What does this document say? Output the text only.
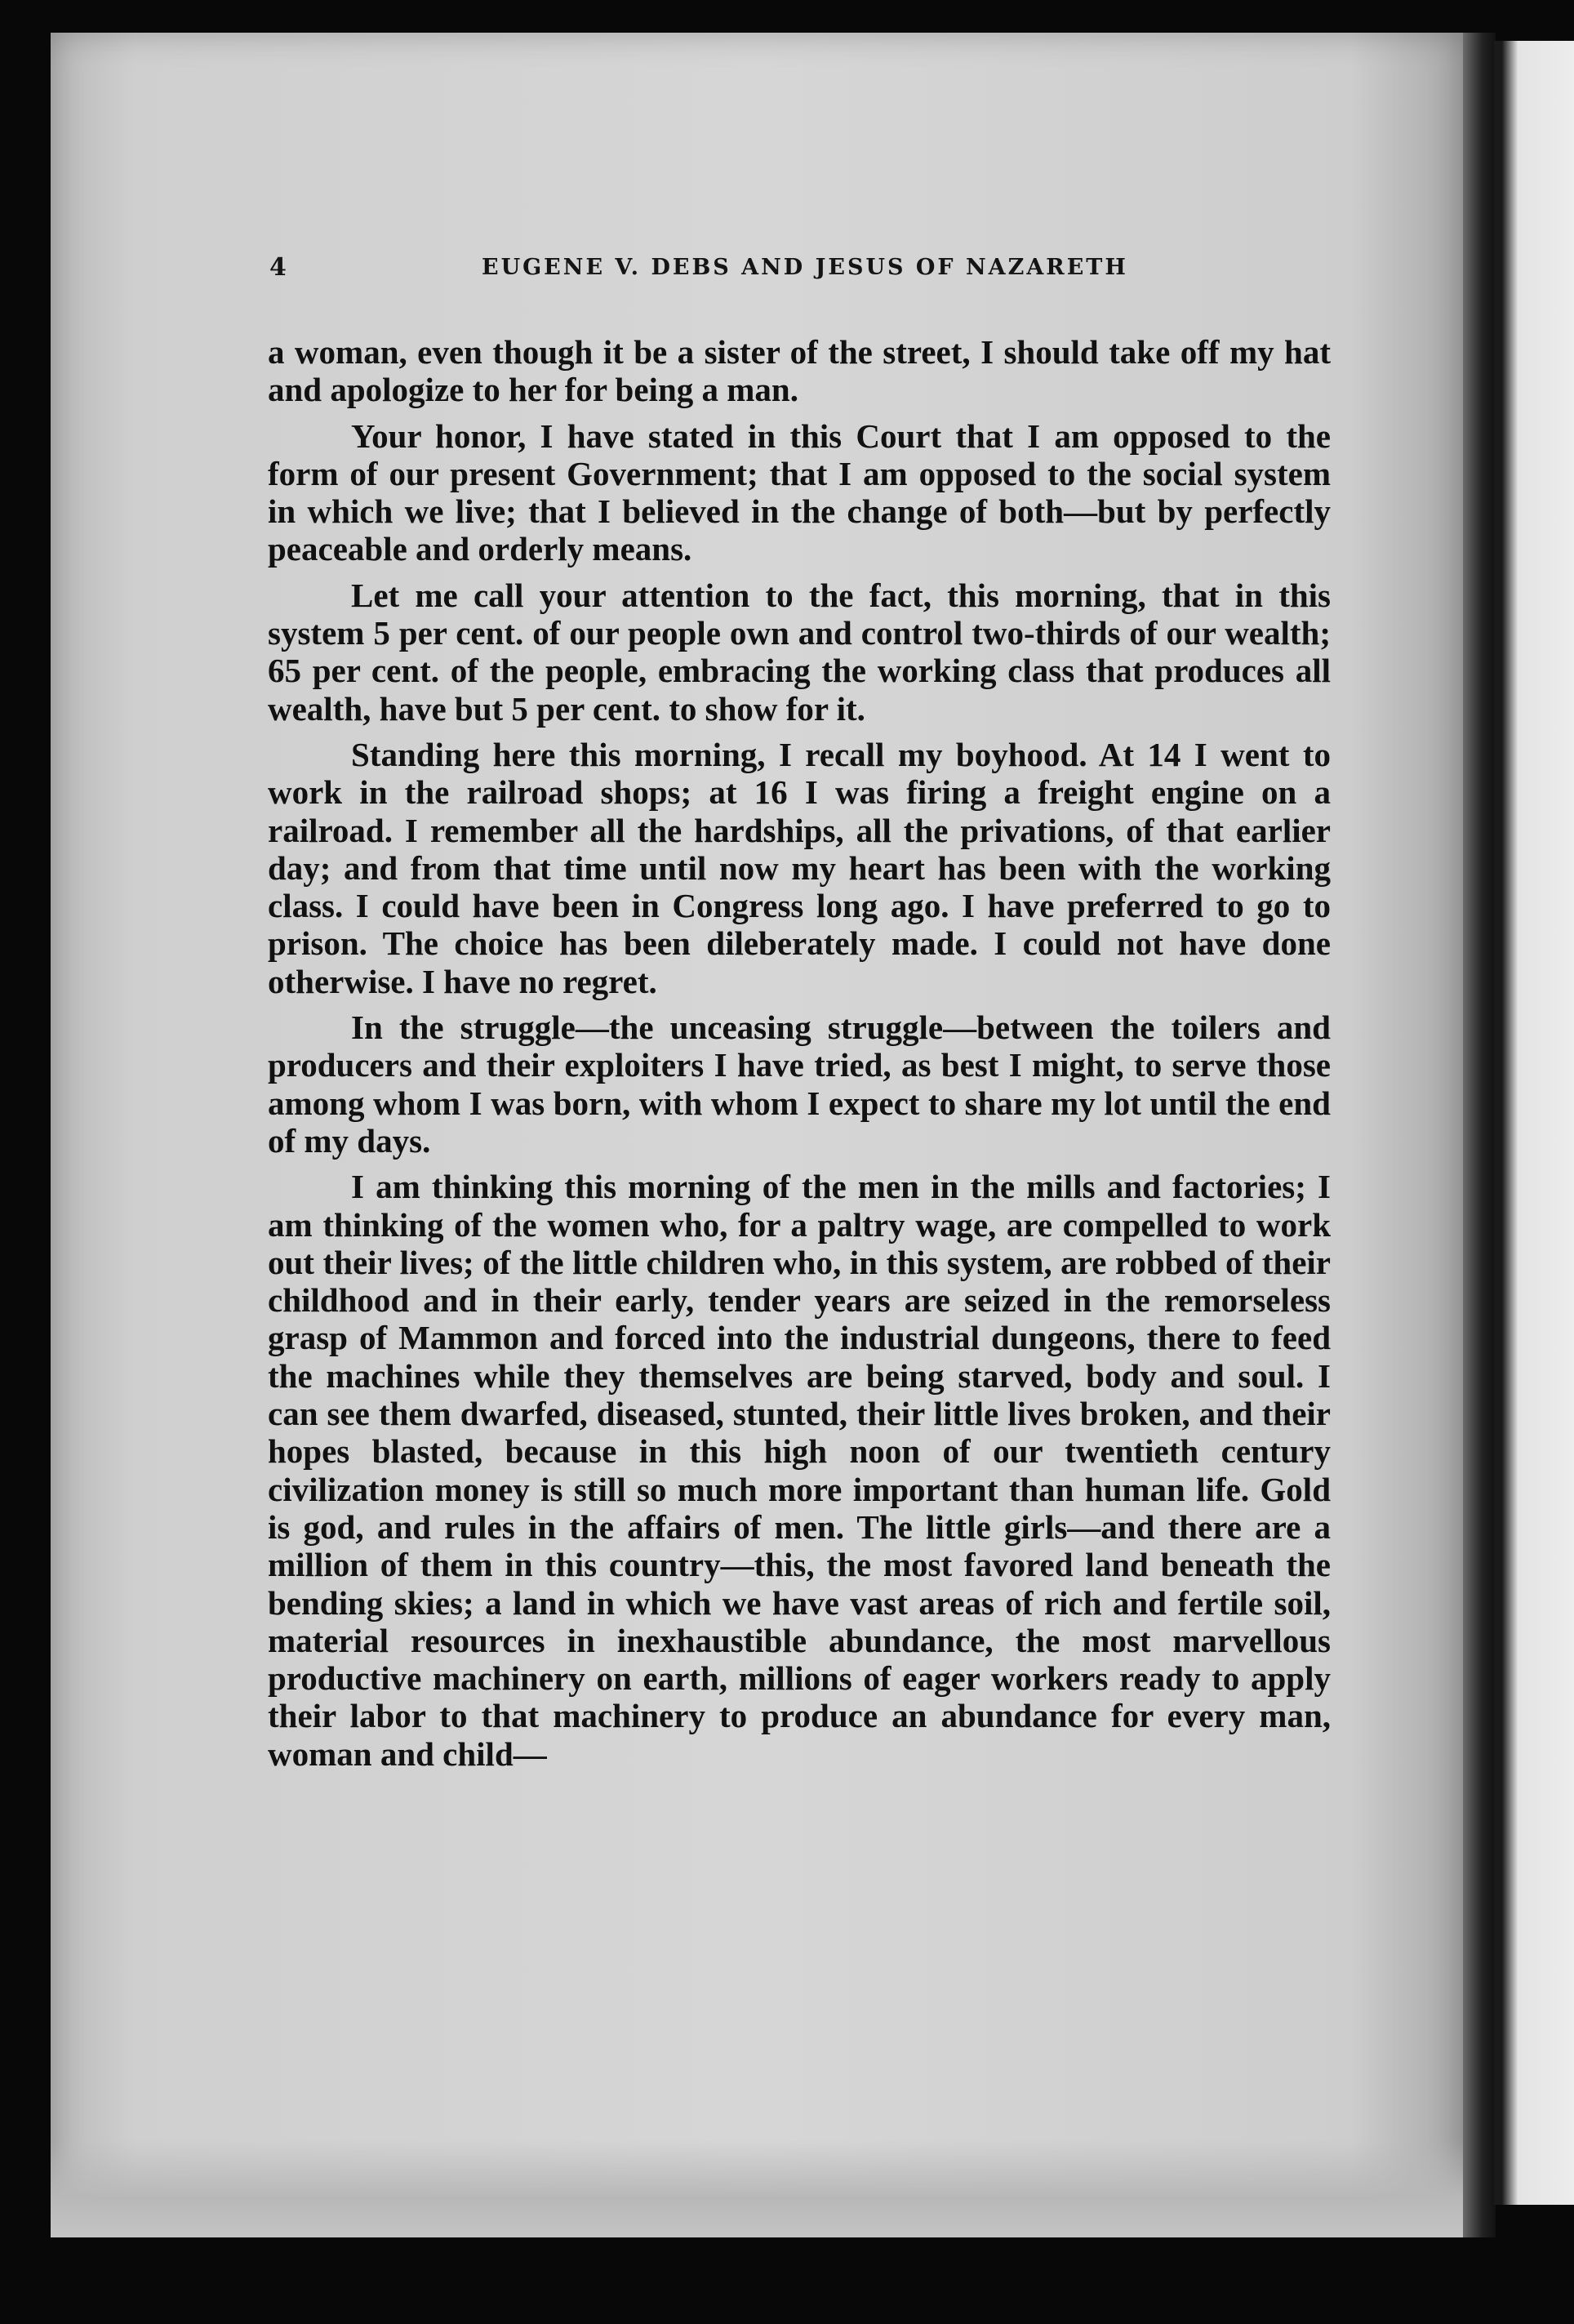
4	EUGENE V. DEBS AND JESUS OF NAZARETH

a woman, even though it be a sister of the street, I should take off my hat and apologize to her for being a man.

Your honor, I have stated in this Court that I am opposed to the form of our present Government; that I am opposed to the social system in which we live; that I believed in the change of both—but by perfectly peaceable and orderly means.

Let me call your attention to the fact, this morning, that in this system 5 per cent. of our people own and control two-thirds of our wealth; 65 per cent. of the people, embracing the working class that produces all wealth, have but 5 per cent. to show for it.

Standing here this morning, I recall my boyhood. At 14 I went to work in the railroad shops; at 16 I was firing a freight engine on a railroad. I remember all the hardships, all the privations, of that earlier day; and from that time until now my heart has been with the working class. I could have been in Congress long ago. I have preferred to go to prison. The choice has been dileberately made. I could not have done otherwise. I have no regret.

In the struggle—the unceasing struggle—between the toilers and producers and their exploiters I have tried, as best I might, to serve those among whom I was born, with whom I expect to share my lot until the end of my days.

I am thinking this morning of the men in the mills and factories; I am thinking of the women who, for a paltry wage, are compelled to work out their lives; of the little children who, in this system, are robbed of their childhood and in their early, tender years are seized in the remorseless grasp of Mammon and forced into the industrial dungeons, there to feed the machines while they themselves are being starved, body and soul. I can see them dwarfed, diseased, stunted, their little lives broken, and their hopes blasted, because in this high noon of our twentieth century civilization money is still so much more important than human life. Gold is god, and rules in the affairs of men. The little girls—and there are a million of them in this country—this, the most favored land beneath the bending skies; a land in which we have vast areas of rich and fertile soil, material resources in inexhaustible abundance, the most marvellous productive machinery on earth, millions of eager workers ready to apply their labor to that machinery to produce an abundance for every man, woman and child—
